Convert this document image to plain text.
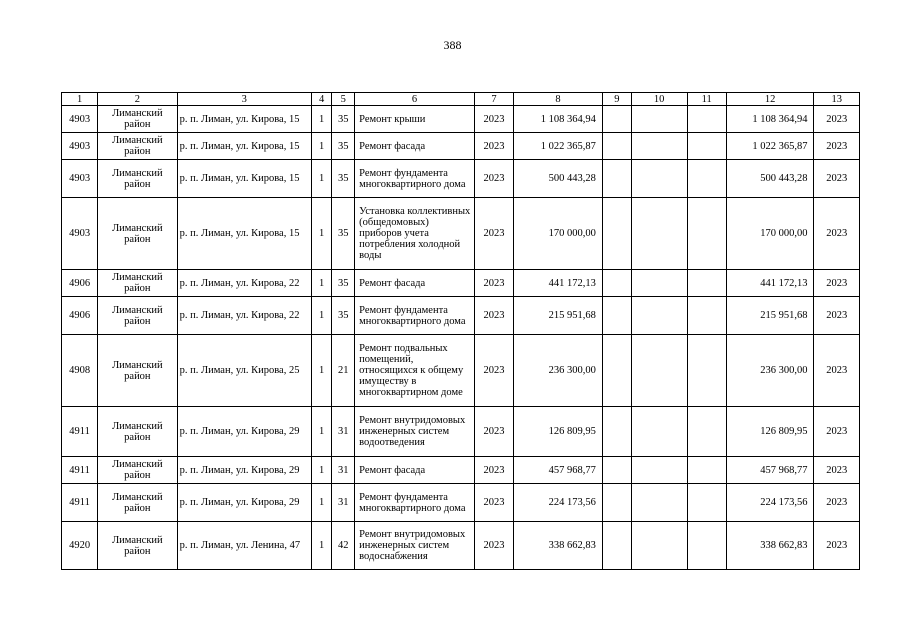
388
1	2	3	4	5	6	7	8	9	10	11	12	13
4903	Лиманский район	р. п. Лиман, ул. Кирова, 15	1	35	Ремонт крыши	2023	1 108 364,94				1 108 364,94	2023
4903	Лиманский район	р. п. Лиман, ул. Кирова, 15	1	35	Ремонт фасада	2023	1 022 365,87				1 022 365,87	2023
4903	Лиманский район	р. п. Лиман, ул. Кирова, 15	1	35	Ремонт фундамента многоквартирного дома	2023	500 443,28				500 443,28	2023
4903	Лиманский район	р. п. Лиман, ул. Кирова, 15	1	35	Установка коллективных (общедомовых) приборов учета потребления холодной воды	2023	170 000,00				170 000,00	2023
4906	Лиманский район	р. п. Лиман, ул. Кирова, 22	1	35	Ремонт фасада	2023	441 172,13				441 172,13	2023
4906	Лиманский район	р. п. Лиман, ул. Кирова, 22	1	35	Ремонт фундамента многоквартирного дома	2023	215 951,68				215 951,68	2023
4908	Лиманский район	р. п. Лиман, ул. Кирова, 25	1	21	Ремонт подвальных помещений, относящихся к общему имуществу в многоквартирном доме	2023	236 300,00				236 300,00	2023
4911	Лиманский район	р. п. Лиман, ул. Кирова, 29	1	31	Ремонт внутридомовых инженерных систем водоотведения	2023	126 809,95				126 809,95	2023
4911	Лиманский район	р. п. Лиман, ул. Кирова, 29	1	31	Ремонт фасада	2023	457 968,77				457 968,77	2023
4911	Лиманский район	р. п. Лиман, ул. Кирова, 29	1	31	Ремонт фундамента многоквартирного дома	2023	224 173,56				224 173,56	2023
4920	Лиманский район	р. п. Лиман, ул. Ленина, 47	1	42	Ремонт внутридомовых инженерных систем водоснабжения	2023	338 662,83				338 662,83	2023
